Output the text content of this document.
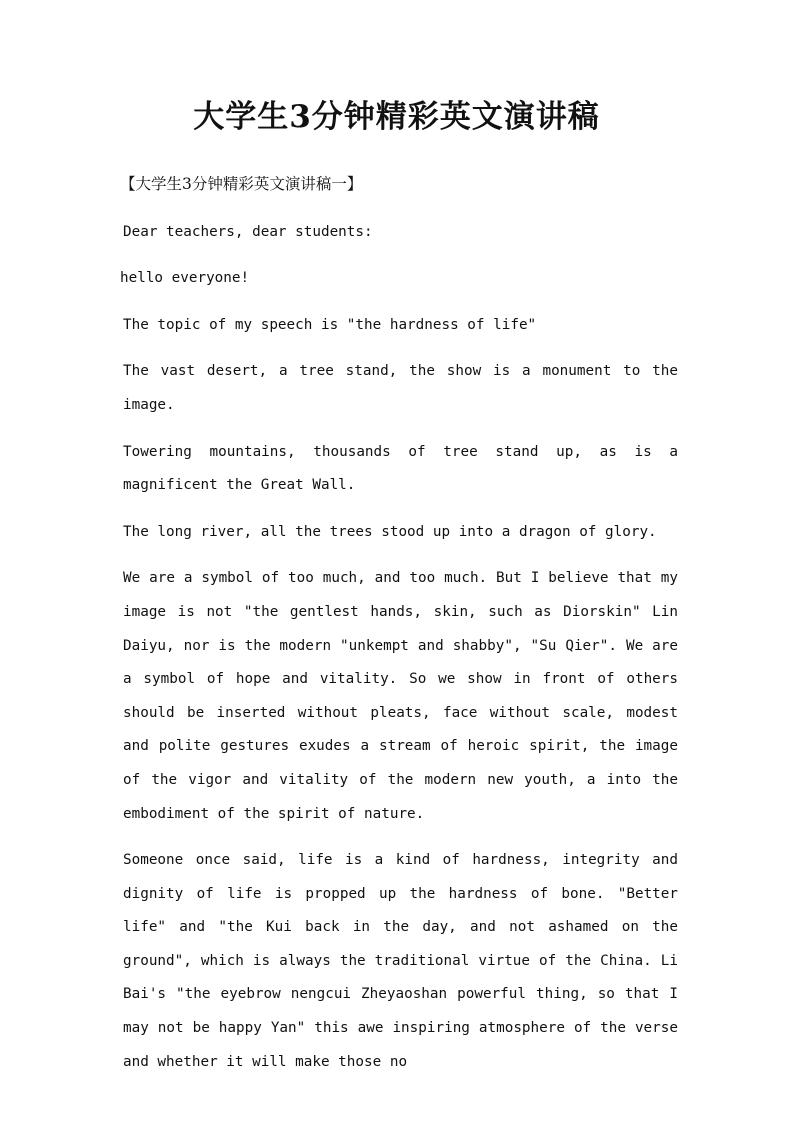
大学生3分钟精彩英文演讲稿

【大学生3分钟精彩英文演讲稿一】

Dear teachers, dear students:

hello everyone!

The topic of my speech is "the hardness of life"

The vast desert, a tree stand, the show is a monument to the image.

Towering mountains, thousands of tree stand up, as is a magnificent the Great Wall.

The long river, all the trees stood up into a dragon of glory.

We are a symbol of too much, and too much. But I believe that my image is not "the gentlest hands, skin, such as Diorskin" Lin Daiyu, nor is the modern "unkempt and shabby", "Su Qier". We are a symbol of hope and vitality. So we show in front of others should be inserted without pleats, face without scale, modest and polite gestures exudes a stream of heroic spirit, the image of the vigor and vitality of the modern new youth, a into the embodiment of the spirit of nature.

Someone once said, life is a kind of hardness, integrity and dignity of life is propped up the hardness of bone. "Better life" and "the Kui back in the day, and not ashamed on the ground", which is always the traditional virtue of the China. Li Bai's "the eyebrow nengcui Zheyaoshan powerful thing, so that I may not be happy Yan" this awe inspiring atmosphere of the verse and whether it will make those no
